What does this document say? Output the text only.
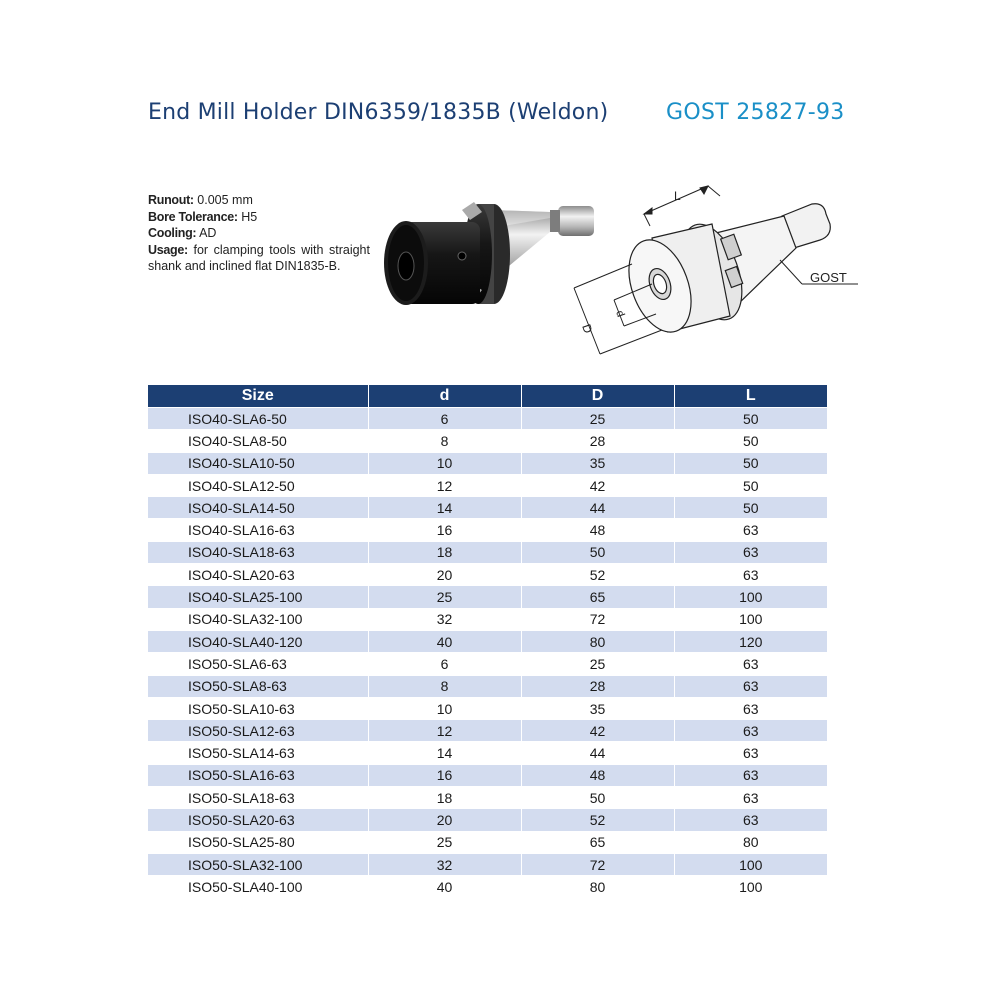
End Mill Holder DIN6359/1835B (Weldon)	GOST 25827-93
Runout: 0.005 mm
Bore Tolerance: H5
Cooling: AD
Usage: for clamping tools with straight shank and inclined flat DIN1835-B.
L
D
d
GOST
Size	d	D	L
ISO40-SLA6-50	6	25	50
ISO40-SLA8-50	8	28	50
ISO40-SLA10-50	10	35	50
ISO40-SLA12-50	12	42	50
ISO40-SLA14-50	14	44	50
ISO40-SLA16-63	16	48	63
ISO40-SLA18-63	18	50	63
ISO40-SLA20-63	20	52	63
ISO40-SLA25-100	25	65	100
ISO40-SLA32-100	32	72	100
ISO40-SLA40-120	40	80	120
ISO50-SLA6-63	6	25	63
ISO50-SLA8-63	8	28	63
ISO50-SLA10-63	10	35	63
ISO50-SLA12-63	12	42	63
ISO50-SLA14-63	14	44	63
ISO50-SLA16-63	16	48	63
ISO50-SLA18-63	18	50	63
ISO50-SLA20-63	20	52	63
ISO50-SLA25-80	25	65	80
ISO50-SLA32-100	32	72	100
ISO50-SLA40-100	40	80	100
